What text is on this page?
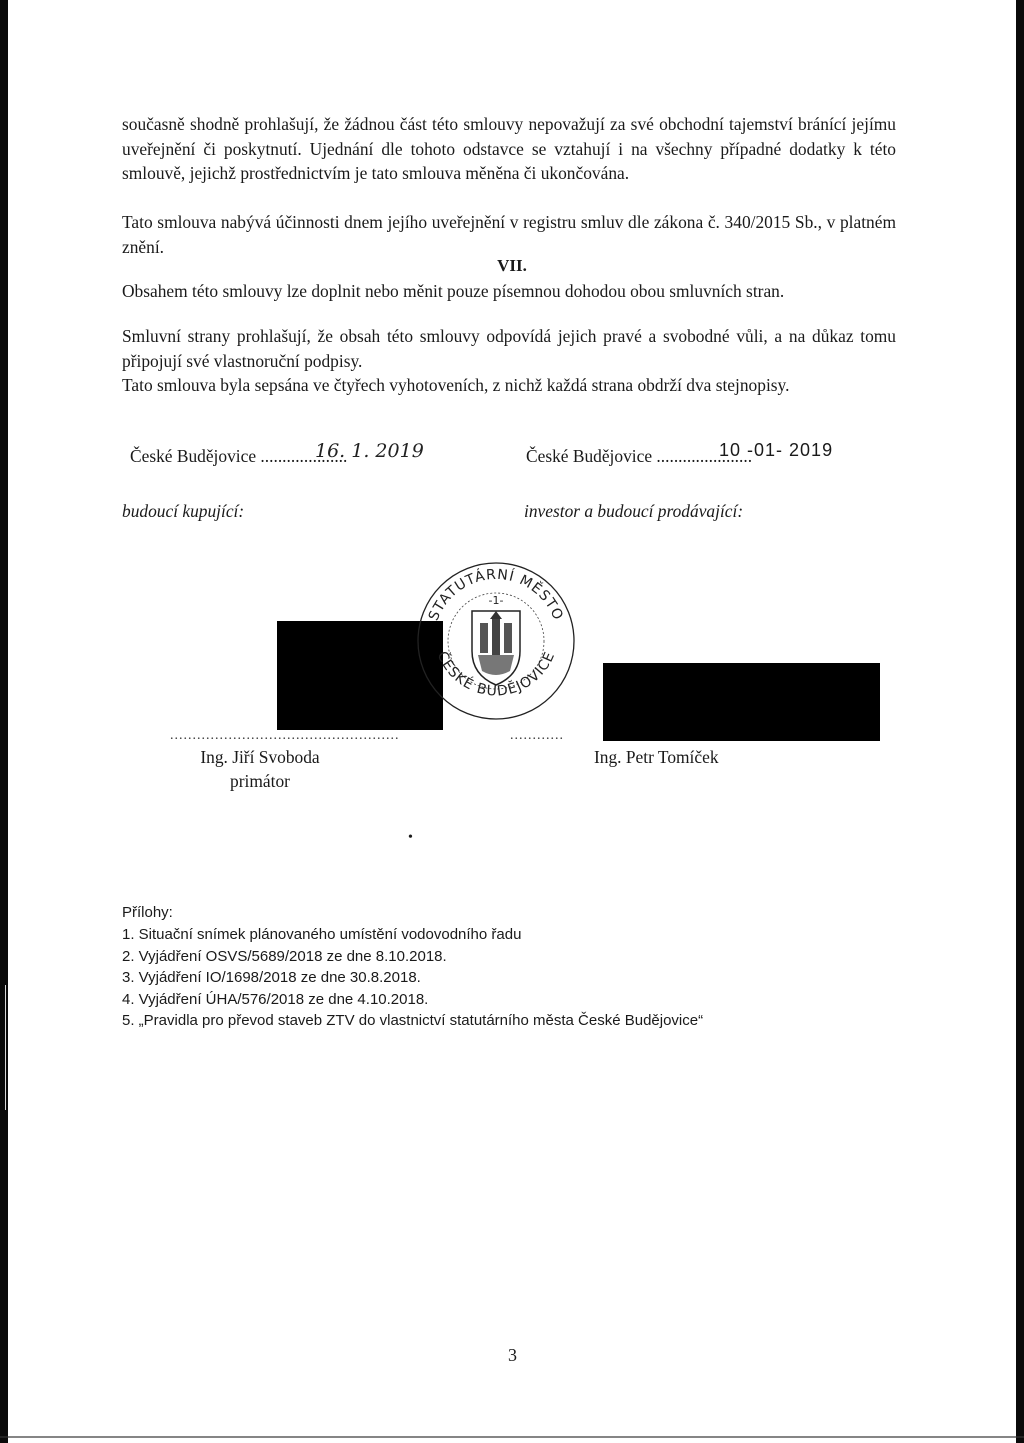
současně shodně prohlašují, že žádnou část této smlouvy nepovažují za své obchodní tajemství bránící jejímu uveřejnění či poskytnutí. Ujednání dle tohoto odstavce se vztahují i na všechny případné dodatky k této smlouvě, jejichž prostřednictvím je tato smlouva měněna či ukončována.

Tato smlouva nabývá účinnosti dnem jejího uveřejnění v registru smluv dle zákona č. 340/2015 Sb., v platném znění.

VII.

Obsahem této smlouvy lze doplnit nebo měnit pouze písemnou dohodou obou smluvních stran.

Smluvní strany prohlašují, že obsah této smlouvy odpovídá jejich pravé a svobodné vůli, a na důkaz tomu připojují své vlastnoruční podpisy.

Tato smlouva byla sepsána ve čtyřech vyhotoveních, z nichž každá strana obdrží dva stejnopisy.

České Budějovice ....................
16. 1. 2019	České Budějovice ......................
10 -01- 2019
budoucí kupující:	investor a budoucí prodávající:
STATUTÁRNÍ MĚSTO
ČESKÉ BUDĚJOVICE
-1-
...................................................	............
Ing. Jiří Svoboda
primátor
Ing. Petr Tomíček
•
Přílohy:
1. Situační snímek plánovaného umístění vodovodního řadu
2. Vyjádření OSVS/5689/2018 ze dne 8.10.2018.
3. Vyjádření IO/1698/2018 ze dne 30.8.2018.
4. Vyjádření ÚHA/576/2018 ze dne 4.10.2018.
5. „Pravidla pro převod staveb ZTV do vlastnictví statutárního města České Budějovice“
3
